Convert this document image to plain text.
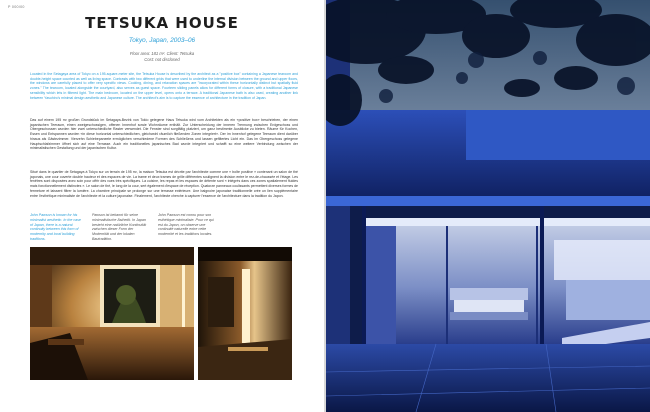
P 000/00
TETSUKA HOUSE
Tokyo, Japan, 2003–06
Floor area: 181 m². Client: Tetsuka
Cost: not disclosed

Located in the Setagaya area of Tokyo on a 195-square-meter site, the Tetsuka House is described by the architect as a "positive box" containing a Japanese tearoom and double-height space counted as well as living space. Contrasts with two different grids that were used to underline the internal division between the ground and upper floors, the windows are carefully placed to offer very specific views. Cooking, dining, and relaxation spaces are "incorporated within these horizontally distinct but spatially fluid zones." The tearoom, located alongside the courtyard, also serves as guest space. Fourteen sliding panels allow for different forms of closure, with a traditional Japanese sensibility which lets in filtered light. The main bedroom, located on the upper level, opens onto a terrace. A traditional Japanese bath is also used, creating another link between Yasuhiro's minimal design aesthetic and Japanese culture. The architect's aim is to capture the essence of architecture in the tradition of Japan.

Das auf einem 195 m² großen Grundstück im Setagaya-Bezirk von Tokio gelegene Haus Tetsuka wird vom Architekten als ein «positive box» beschrieben, der einen japanischen Teeraum, einen zweigeschossigen, offenen Innenhof sowie Wohnräume enthält. Zur Unterscheidung der inneren Trennung zwischen Erdgeschoss und Obergeschossen wurden hier zwei unterschiedliche Raster verwendet. Die Fenster sind sorgfältig platziert, um ganz bestimmte Ausblicke zu bieten. Räume für Kochen, Essen und Entspannen wurden «in diese horizontal unterschiedlichen, gleichwohl räumlich fließenden Zonen integriert». Der im Innenhof gelegene Teeraum dient darüber hinaus als Gästezimmer. Vierzehn Schiebepaneele ermöglichen verschiedene Formen des Schließens und lassen gefiltertes Licht ein. Das im Obergeschoss gelegene Hauptschlafzimmer öffnet sich auf eine Terrasse. Auch ein traditionelles japanisches Bad wurde integriert und schafft so eine weitere Verbindung zwischen der minimalistischen Gestaltung und der japanischen Kultur.

Situé dans le quartier de Setagaya à Tokyo sur un terrain de 195 m², la maison Tetsuka est décrite par l'architecte comme une « boîte positive » contenant un salon de thé japonais, une cour ouverte double hauteur et des espaces de vie. La trame et deux trames de grille différentes soulignent la division entre le rez-de-chaussée et l'étage. Les fenêtres sont disposées avec soin pour offrir des vues très spécifiques. La cuisine, les repas et les espaces de détente sont « intégrés dans ces zones spatialement fluides mais fonctionnellement distinctes ». Le salon de thé, le long de la cour, sert également d'espace de réception. Quatorze panneaux coulissants permettent diverses formes de fermeture et laissent filtrer la lumière. La chambre principale se prolonge sur une terrasse extérieure. Une baignoire japonaise traditionnelle crée un lien supplémentaire entre l'esthétique minimaliste de l'architecte et la culture japonaise. Finalement, l'architecte cherche à capturer l'essence de l'architecture dans la tradition du Japon.

John Pawson is known for his minimalist aesthetic. In the case of Japan, there is a natural continuity between this form of modernity and local building traditions.

Pawson ist bekannt für seine minimalistische Ästhetik. In Japan besteht eine natürliche Kontinuität zwischen dieser Form der Modernität und der lokalen Bautradition.

John Pawson est connu pour son esthétique minimaliste. Pour ce qui est du Japon, on observe une continuité naturelle entre cette modernité et les traditions locales.
